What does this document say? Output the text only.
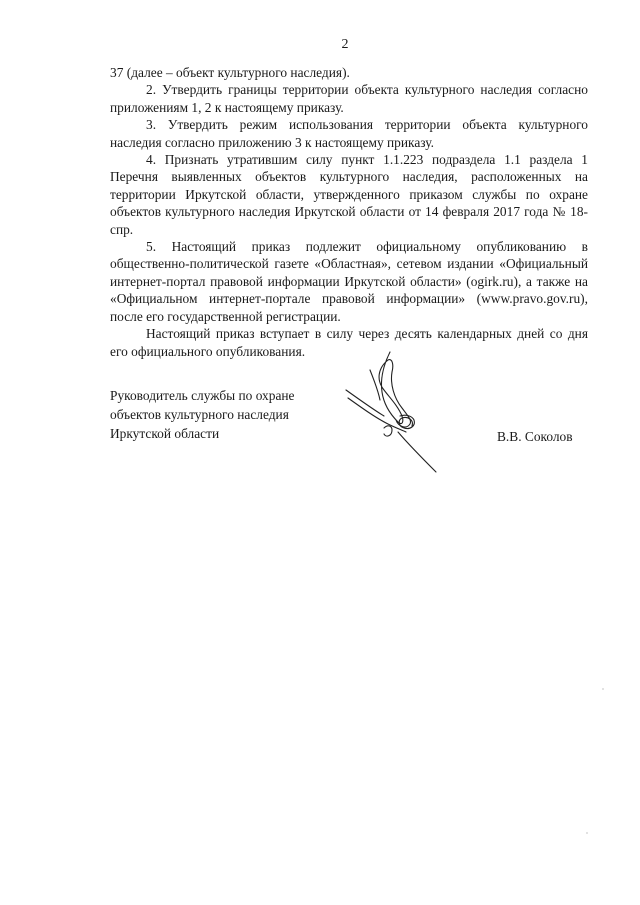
2

37 (далее – объект культурного наследия).

2. Утвердить границы территории объекта культурного наследия согласно приложениям 1, 2 к настоящему приказу.

3. Утвердить режим использования территории объекта культурного наследия согласно приложению 3 к настоящему приказу.

4. Признать утратившим силу пункт 1.1.223 подраздела 1.1 раздела 1 Перечня выявленных объектов культурного наследия, расположенных на территории Иркутской области, утвержденного приказом службы по охране объектов культурного наследия Иркутской области от 14 февраля 2017 года № 18-спр.

5. Настоящий приказ подлежит официальному опубликованию в общественно-политической газете «Областная», сетевом издании «Официальный интернет-портал правовой информации Иркутской области» (ogirk.ru), а также на «Официальном интернет-портале правовой информации» (www.pravo.gov.ru), после его государственной регистрации.

Настоящий приказ вступает в силу через десять календарных дней со дня его официального опубликования.

Руководитель службы по охране
объектов культурного наследия
Иркутской области	В.В. Соколов
